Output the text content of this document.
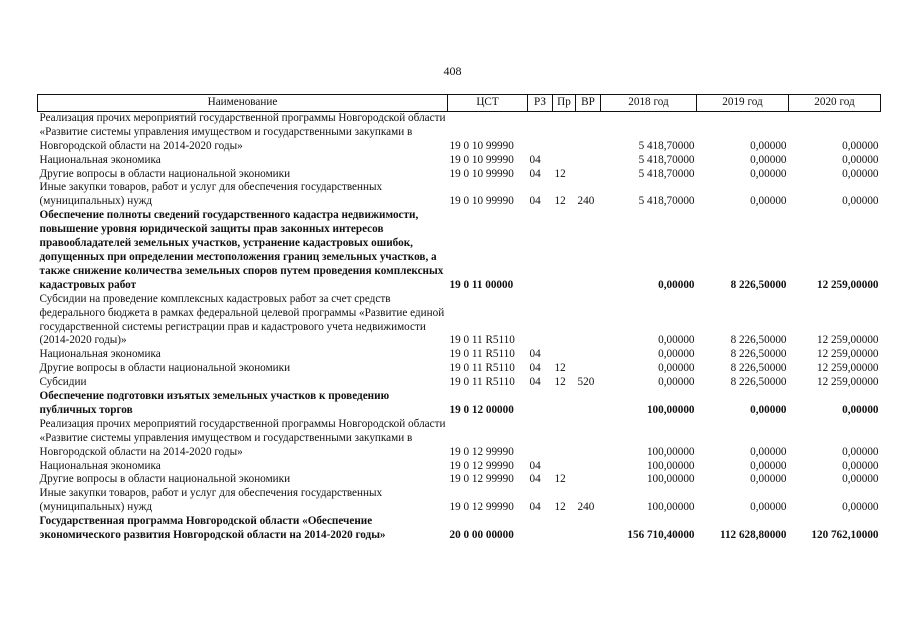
408
Наименование	ЦСТ	РЗ	Пр	ВР	2018 год	2019 год	2020 год
Реализация прочих мероприятий государственной программы Новгородской области «Развитие системы управления имуществом и государственными закупками в Новгородской области на 2014-2020 годы»	19 0 10 99990				5 418,70000	0,00000	0,00000
Национальная экономика	19 0 10 99990	04			5 418,70000	0,00000	0,00000
Другие вопросы в области национальной экономики	19 0 10 99990	04	12		5 418,70000	0,00000	0,00000
Иные закупки товаров, работ и услуг для обеспечения государственных (муниципальных) нужд	19 0 10 99990	04	12	240	5 418,70000	0,00000	0,00000
Обеспечение полноты сведений государственного кадастра недвижимости, повышение уровня юридической защиты прав законных интересов правообладателей земельных участков, устранение кадастровых ошибок, допущенных при определении местоположения границ земельных участков, а также снижение количества земельных споров путем проведения комплексных кадастровых работ	19 0 11 00000				0,00000	8 226,50000	12 259,00000
Субсидии на проведение комплексных кадастровых работ за счет средств федерального бюджета в рамках федеральной целевой программы «Развитие единой государственной системы регистрации прав и кадастрового учета недвижимости (2014-2020 годы)»	19 0 11 R5110				0,00000	8 226,50000	12 259,00000
Национальная экономика	19 0 11 R5110	04			0,00000	8 226,50000	12 259,00000
Другие вопросы в области национальной экономики	19 0 11 R5110	04	12		0,00000	8 226,50000	12 259,00000
Субсидии	19 0 11 R5110	04	12	520	0,00000	8 226,50000	12 259,00000
Обеспечение подготовки изъятых земельных участков к проведению публичных торгов	19 0 12 00000				100,00000	0,00000	0,00000
Реализация прочих мероприятий государственной программы Новгородской области «Развитие системы управления имуществом и государственными закупками в Новгородской области на 2014-2020 годы»	19 0 12 99990				100,00000	0,00000	0,00000
Национальная экономика	19 0 12 99990	04			100,00000	0,00000	0,00000
Другие вопросы в области национальной экономики	19 0 12 99990	04	12		100,00000	0,00000	0,00000
Иные закупки товаров, работ и услуг для обеспечения государственных (муниципальных) нужд	19 0 12 99990	04	12	240	100,00000	0,00000	0,00000
Государственная программа Новгородской области «Обеспечение экономического развития Новгородской области на 2014-2020 годы»	20 0 00 00000				156 710,40000	112 628,80000	120 762,10000
